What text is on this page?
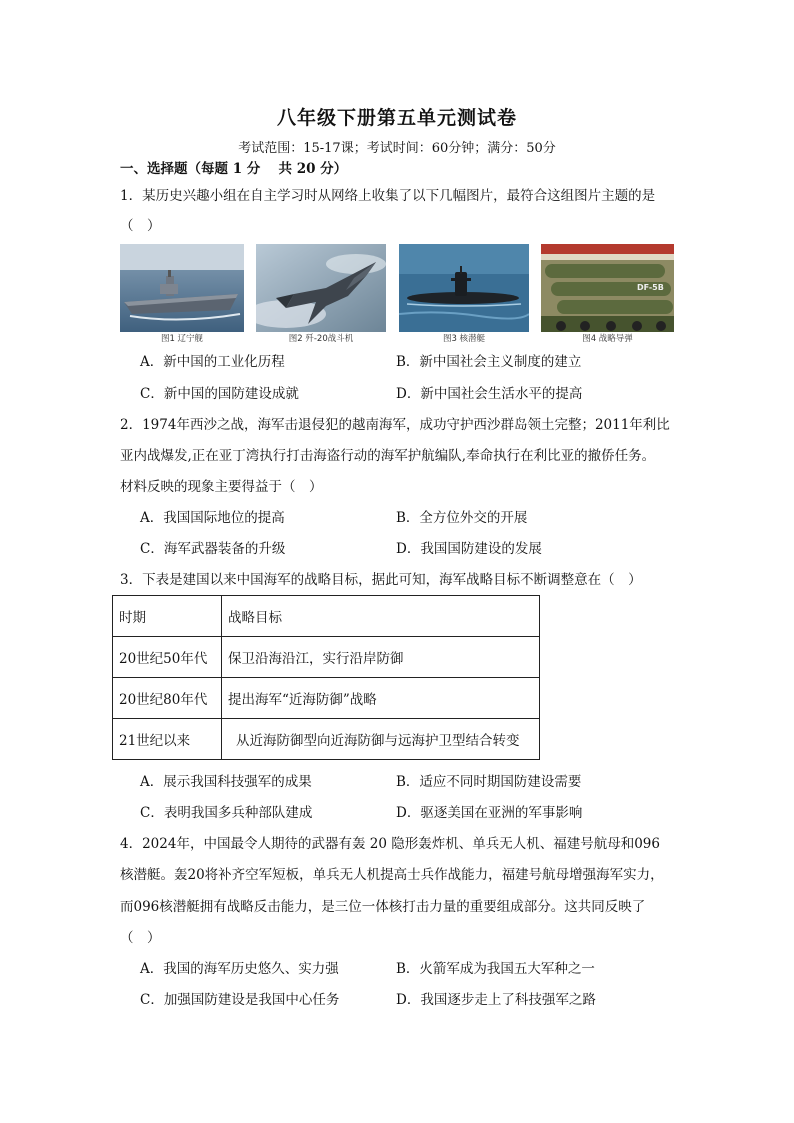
八年级下册第五单元测试卷
考试范围：15-17课；考试时间：60分钟；满分：50分
一、选择题（每题 1 分　 共 20 分）
1．某历史兴趣小组在自主学习时从网络上收集了以下几幅图片，最符合这组图片主题的是
（　）
图1 辽宁舰	图2 歼-20战斗机	图3 核潜艇
DF-5B
图4 战略导弹
A．新中国的工业化历程	B．新中国社会主义制度的建立
C．新中国的国防建设成就	D．新中国社会生活水平的提高
2．1974年西沙之战，海军击退侵犯的越南海军，成功守护西沙群岛领土完整；2011年利比
亚内战爆发,正在亚丁湾执行打击海盗行动的海军护航编队,奉命执行在利比亚的撤侨任务。
材料反映的现象主要得益于（　）
A．我国国际地位的提高	B．全方位外交的开展
C．海军武器装备的升级	D．我国国防建设的发展
3．下表是建国以来中国海军的战略目标，据此可知，海军战略目标不断调整意在（　）
时期	战略目标
20世纪50年代	保卫沿海沿江，实行沿岸防御
20世纪80年代	提出海军“近海防御”战略
21世纪以来	从近海防御型向近海防御与远海护卫型结合转变
A．展示我国科技强军的成果	B．适应不同时期国防建设需要
C．表明我国多兵种部队建成	D．驱逐美国在亚洲的军事影响
4．2024年，中国最令人期待的武器有轰 20 隐形轰炸机、单兵无人机、福建号航母和096
核潜艇。轰20将补齐空军短板，单兵无人机提高士兵作战能力，福建号航母增强海军实力，
而096核潜艇拥有战略反击能力，是三位一体核打击力量的重要组成部分。这共同反映了
（　）
A．我国的海军历史悠久、实力强	B．火箭军成为我国五大军种之一
C．加强国防建设是我国中心任务	D．我国逐步走上了科技强军之路
